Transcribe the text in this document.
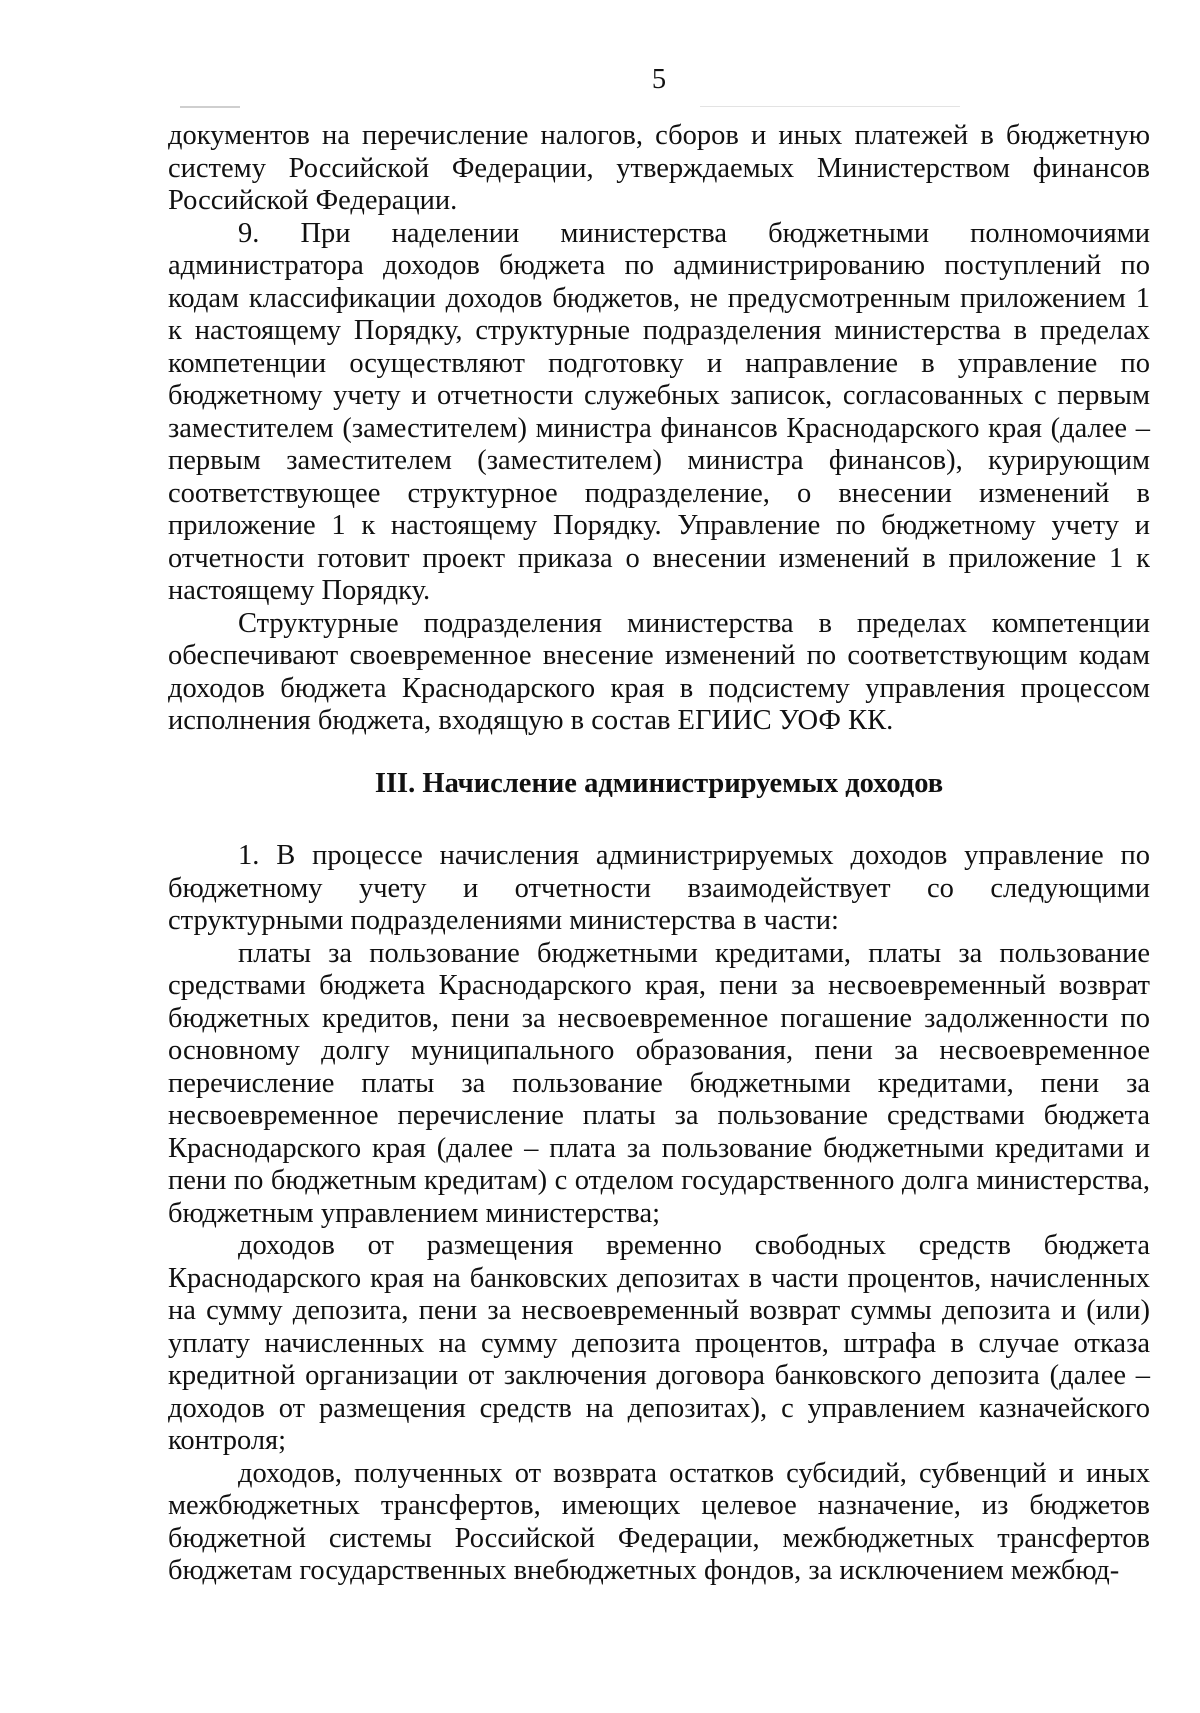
5

документов на перечисление налогов, сборов и иных платежей в бюджетную систему Российской Федерации, утверждаемых Министерством финансов Российской Федерации.

9. При наделении министерства бюджетными полномочиями администратора доходов бюджета по администрированию поступлений по кодам классификации доходов бюджетов, не предусмотренным приложением 1 к настоящему Порядку, структурные подразделения министерства в пределах компетенции осуществляют подготовку и направление в управление по бюджетному учету и отчетности служебных записок, согласованных с первым заместителем (заместителем) министра финансов Краснодарского края (далее – первым заместителем (заместителем) министра финансов), курирующим соответствующее структурное подразделение, о внесении изменений в приложение 1 к настоящему Порядку. Управление по бюджетному учету и отчетности готовит проект приказа о внесении изменений в приложение 1 к настоящему Порядку.

Структурные подразделения министерства в пределах компетенции обеспечивают своевременное внесение изменений по соответствующим кодам доходов бюджета Краснодарского края в подсистему управления процессом исполнения бюджета, входящую в состав ЕГИИС УОФ КК.

III. Начисление администрируемых доходов

1. В процессе начисления администрируемых доходов управление по бюджетному учету и отчетности взаимодействует со следующими структурными подразделениями министерства в части:

платы за пользование бюджетными кредитами, платы за пользование средствами бюджета Краснодарского края, пени за несвоевременный возврат бюджетных кредитов, пени за несвоевременное погашение задолженности по основному долгу муниципального образования, пени за несвоевременное перечисление платы за пользование бюджетными кредитами, пени за несвоевременное перечисление платы за пользование средствами бюджета Краснодарского края (далее – плата за пользование бюджетными кредитами и пени по бюджетным кредитам) с отделом государственного долга министерства, бюджетным управлением министерства;

доходов от размещения временно свободных средств бюджета Краснодарского края на банковских депозитах в части процентов, начисленных на сумму депозита, пени за несвоевременный возврат суммы депозита и (или) уплату начисленных на сумму депозита процентов, штрафа в случае отказа кредитной организации от заключения договора банковского депозита (далее – доходов от размещения средств на депозитах), с управлением казначейского контроля;

доходов, полученных от возврата остатков субсидий, субвенций и иных межбюджетных трансфертов, имеющих целевое назначение, из бюджетов бюджетной системы Российской Федерации, межбюджетных трансфертов бюджетам государственных внебюджетных фондов, за исключением межбюд-
